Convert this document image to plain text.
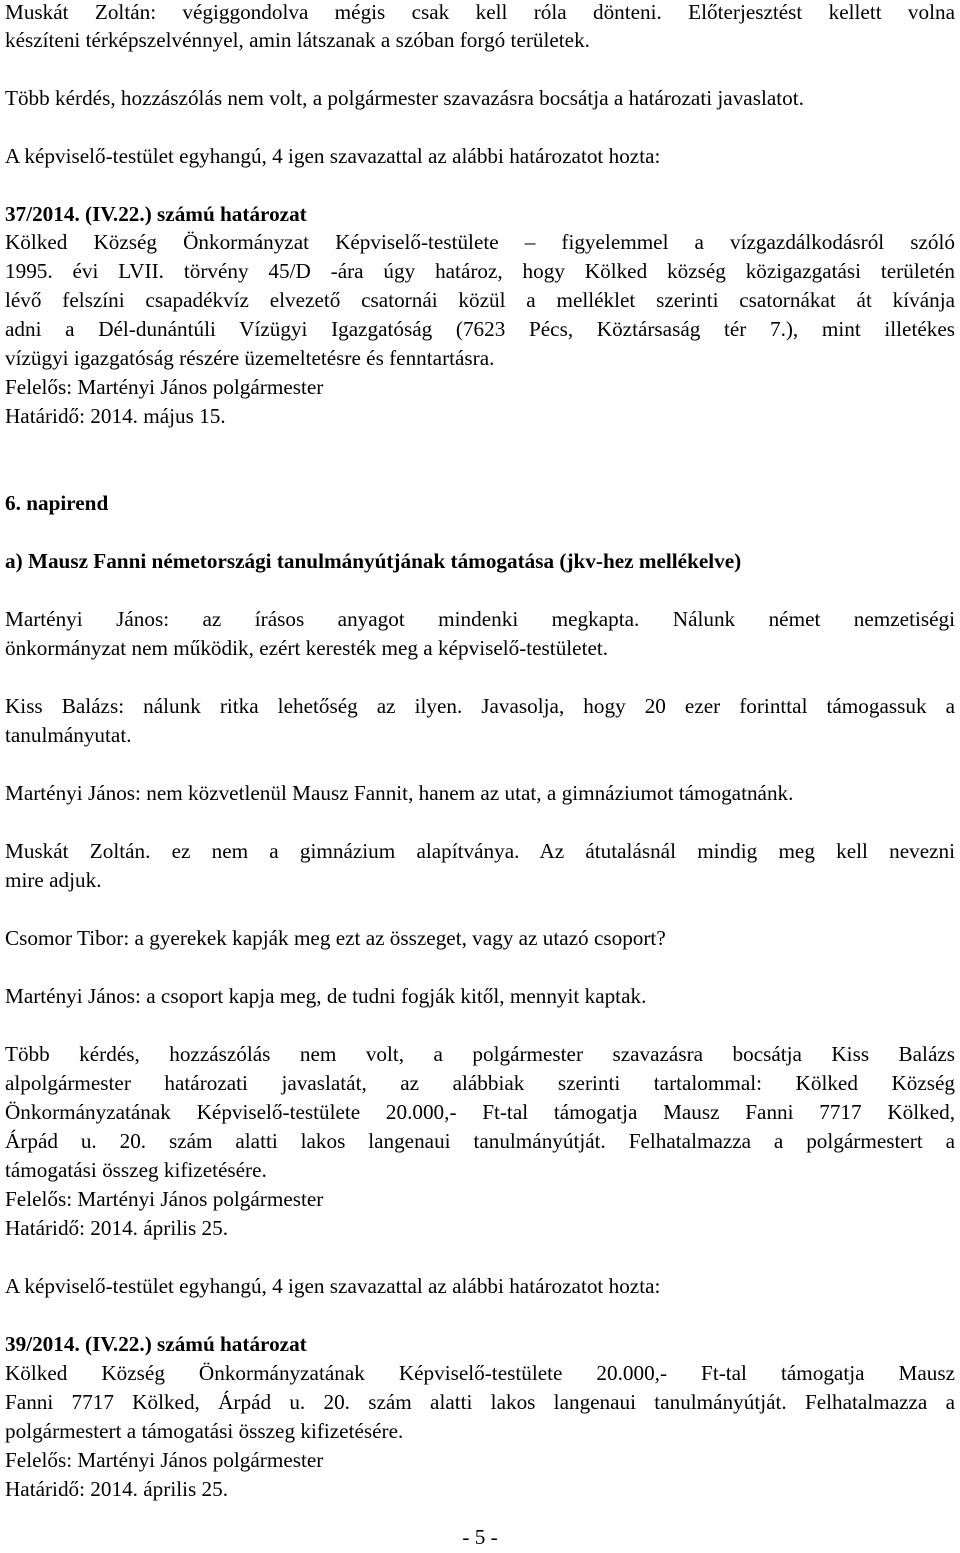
Muskát Zoltán: végiggondolva mégis csak kell róla dönteni. Előterjesztést kellett volna
készíteni térképszelvénnyel, amin látszanak a szóban forgó területek.
Több kérdés, hozzászólás nem volt, a polgármester szavazásra bocsátja a határozati javaslatot.
A képviselő-testület egyhangú, 4 igen szavazattal az alábbi határozatot hozta:
37/2014. (IV.22.) számú határozat
Kölked Község Önkormányzat Képviselő-testülete – figyelemmel a vízgazdálkodásról szóló
1995. évi LVII. törvény 45/D -ára úgy határoz, hogy Kölked község közigazgatási területén
lévő felszíni csapadékvíz elvezető csatornái közül a melléklet szerinti csatornákat át kívánja
adni a Dél-dunántúli Vízügyi Igazgatóság (7623 Pécs, Köztársaság tér 7.), mint illetékes
vízügyi igazgatóság részére üzemeltetésre és fenntartásra.
Felelős: Martényi János polgármester
Határidő: 2014. május 15.
6. napirend
a) Mausz Fanni németországi tanulmányútjának támogatása (jkv-hez mellékelve)
Martényi János: az írásos anyagot mindenki megkapta. Nálunk német nemzetiségi
önkormányzat nem működik, ezért keresték meg a képviselő-testületet.
Kiss Balázs: nálunk ritka lehetőség az ilyen. Javasolja, hogy 20 ezer forinttal támogassuk a
tanulmányutat.
Martényi János: nem közvetlenül Mausz Fannit, hanem az utat, a gimnáziumot támogatnánk.
Muskát Zoltán. ez nem a gimnázium alapítványa. Az átutalásnál mindig meg kell nevezni
mire adjuk.
Csomor Tibor: a gyerekek kapják meg ezt az összeget, vagy az utazó csoport?
Martényi János: a csoport kapja meg, de tudni fogják kitől, mennyit kaptak.
Több kérdés, hozzászólás nem volt, a polgármester szavazásra bocsátja Kiss Balázs
alpolgármester határozati javaslatát, az alábbiak szerinti tartalommal: Kölked Község
Önkormányzatának Képviselő-testülete 20.000,- Ft-tal támogatja Mausz Fanni 7717 Kölked,
Árpád u. 20. szám alatti lakos langenaui tanulmányútját. Felhatalmazza a polgármestert a
támogatási összeg kifizetésére.
Felelős: Martényi János polgármester
Határidő: 2014. április 25.
A képviselő-testület egyhangú, 4 igen szavazattal az alábbi határozatot hozta:
39/2014. (IV.22.) számú határozat
Kölked Község Önkormányzatának Képviselő-testülete 20.000,- Ft-tal támogatja Mausz
Fanni 7717 Kölked, Árpád u. 20. szám alatti lakos langenaui tanulmányútját. Felhatalmazza a
polgármestert a támogatási összeg kifizetésére.
Felelős: Martényi János polgármester
Határidő: 2014. április 25.
- 5 -
